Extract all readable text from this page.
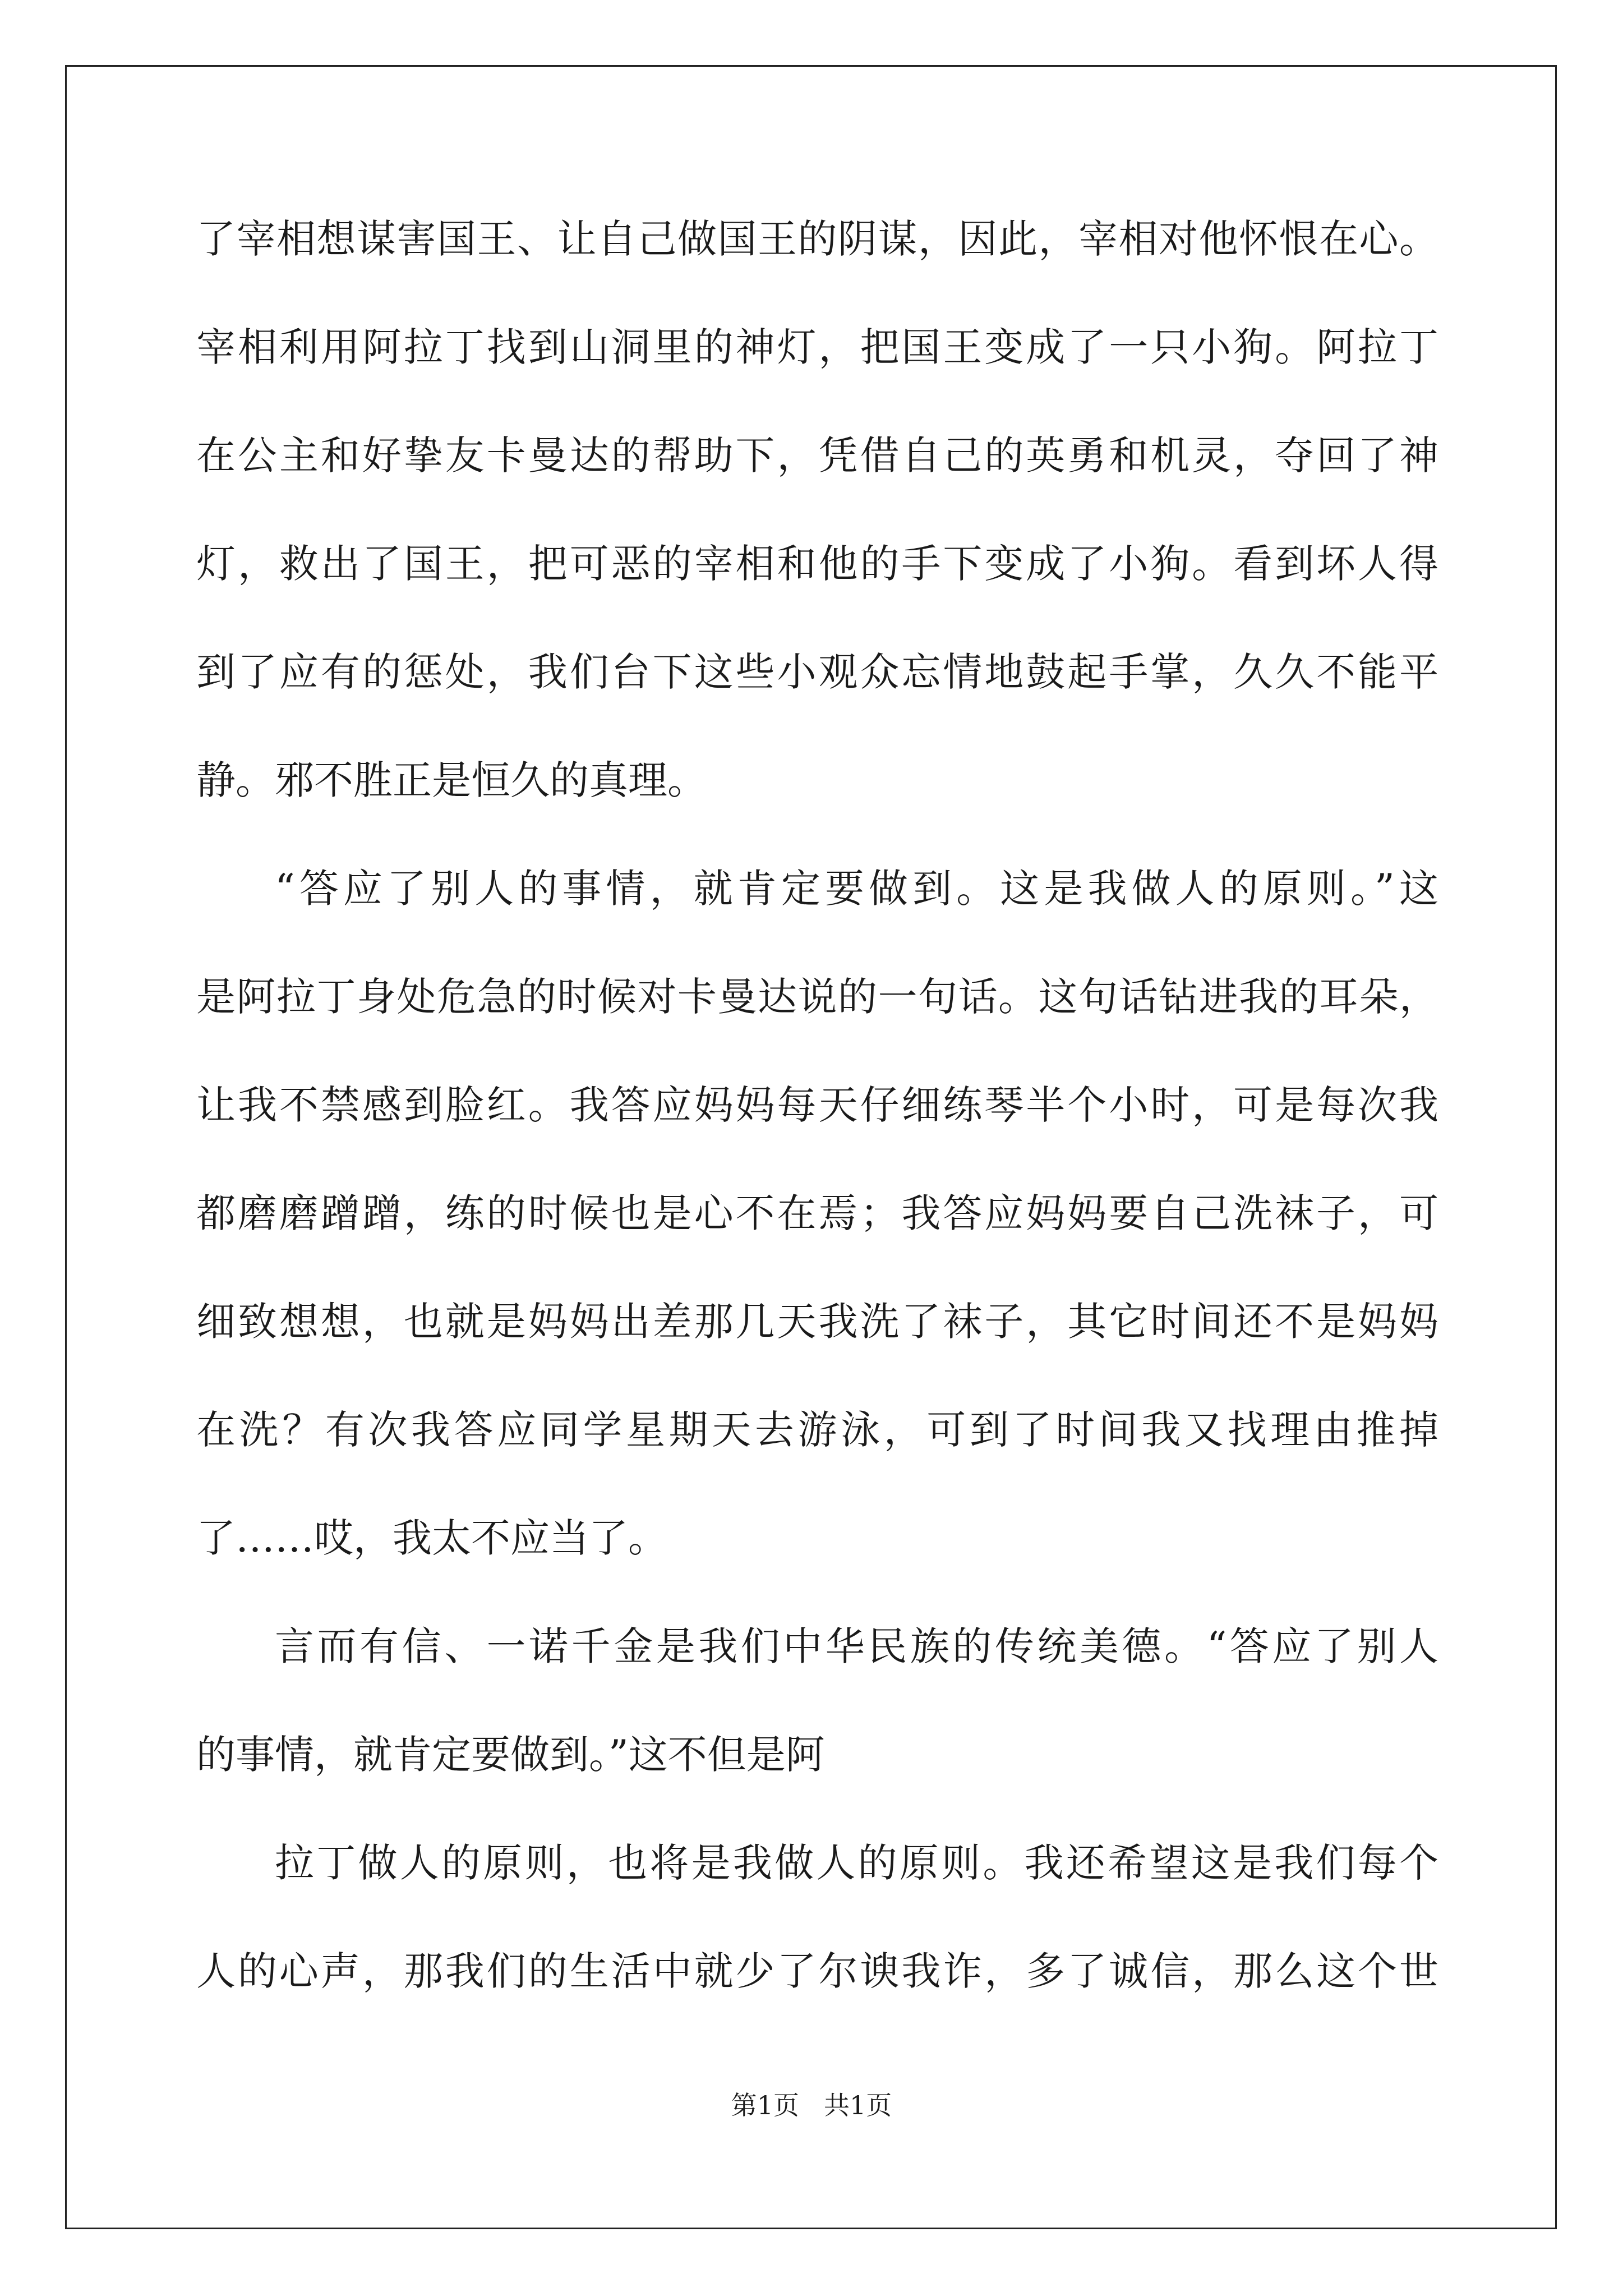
了宰相想谋害国王、让自己做国王的阴谋，因此，宰相对他怀恨在心。
宰相利用阿拉丁找到山洞里的神灯，把国王变成了一只小狗。阿拉丁
在公主和好挚友卡曼达的帮助下，凭借自己的英勇和机灵，夺回了神
灯，救出了国王，把可恶的宰相和他的手下变成了小狗。看到坏人得
到了应有的惩处，我们台下这些小观众忘情地鼓起手掌，久久不能平
静。邪不胜正是恒久的真理。
“答应了别人的事情，就肯定要做到。这是我做人的原则。”这
是阿拉丁身处危急的时候对卡曼达说的一句话。这句话钻进我的耳朵，
让我不禁感到脸红。我答应妈妈每天仔细练琴半个小时，可是每次我
都磨磨蹭蹭，练的时候也是心不在焉；我答应妈妈要自己洗袜子，可
细致想想，也就是妈妈出差那几天我洗了袜子，其它时间还不是妈妈
在洗？有次我答应同学星期天去游泳，可到了时间我又找理由推掉
了……哎，我太不应当了。
言而有信、一诺千金是我们中华民族的传统美德。“答应了别人
的事情，就肯定要做到。”这不但是阿
拉丁做人的原则，也将是我做人的原则。我还希望这是我们每个
人的心声，那我们的生活中就少了尔谀我诈，多了诚信，那么这个世
第1页 共1页
